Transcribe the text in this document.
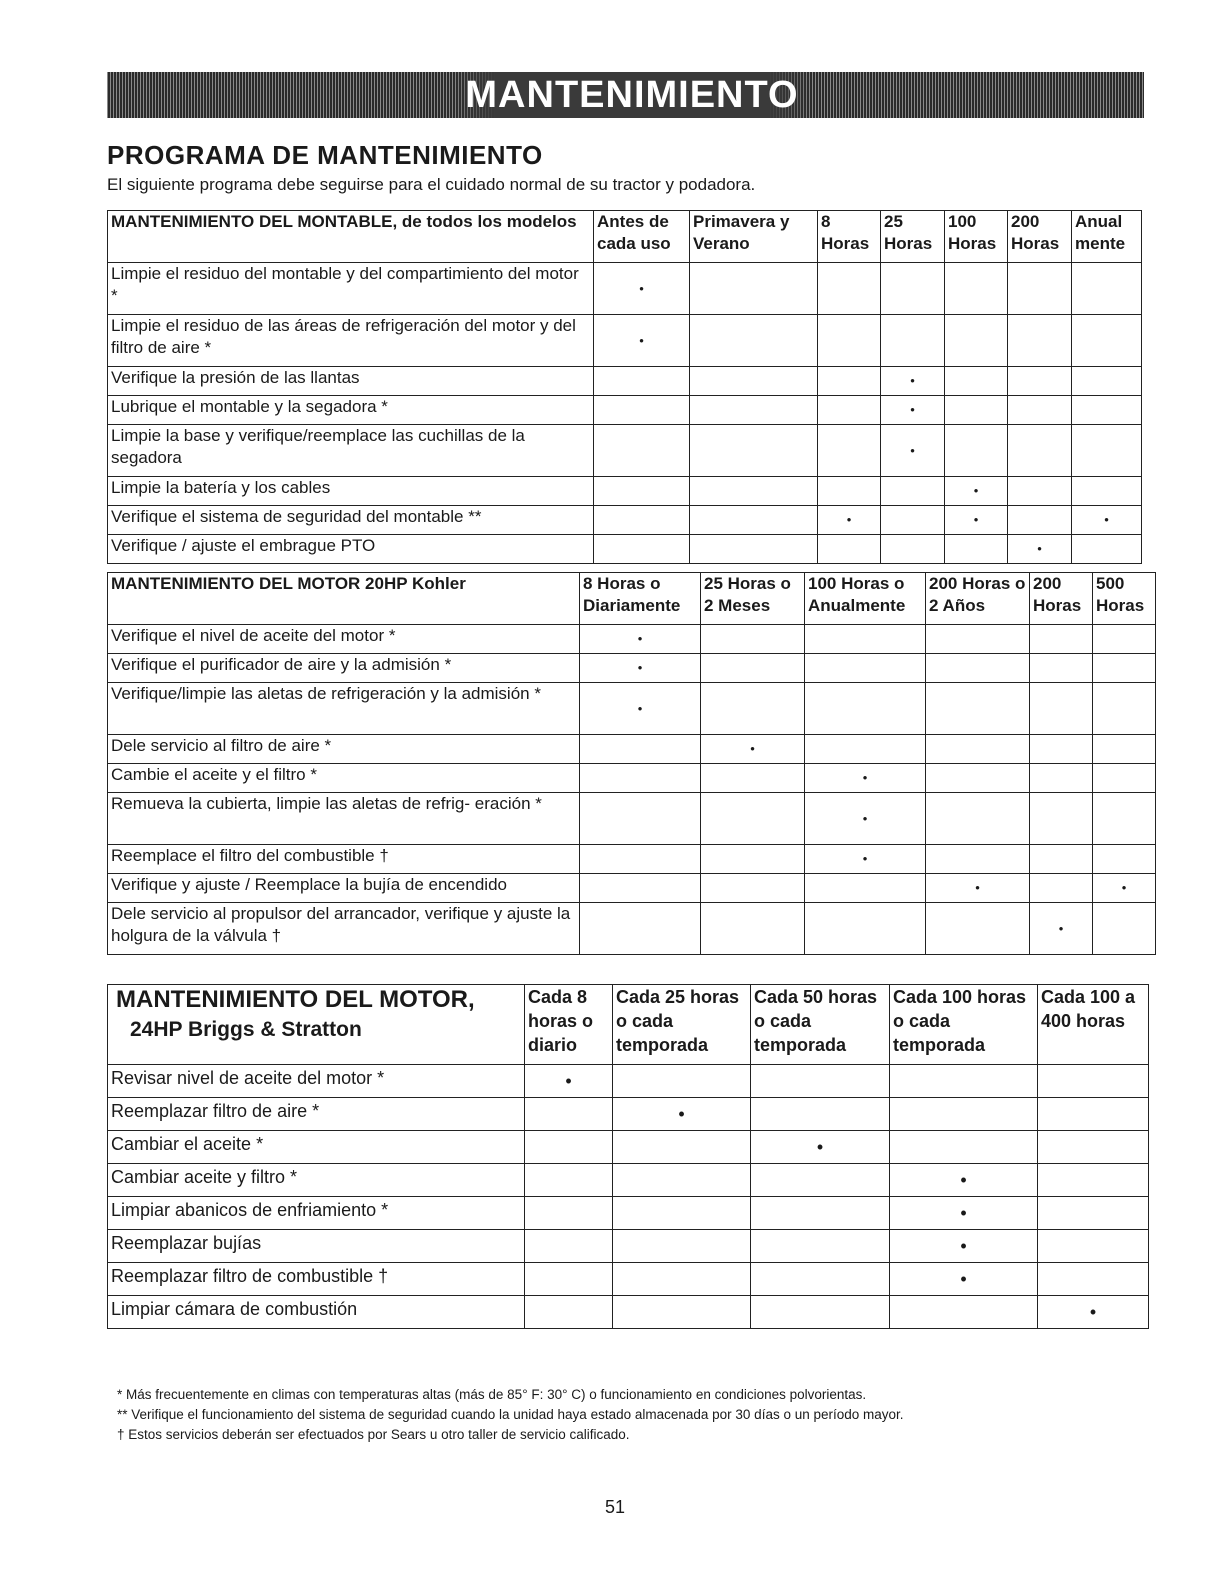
MANTENIMIENTO
PROGRAMA DE MANTENIMIENTO

El siguiente programa debe seguirse para el cuidado normal de su tractor y podadora.

MANTENIMIENTO DEL MONTABLE, de todos los modelos	Antes de cada uso	Primavera y Verano	8 Horas	25 Horas	100 Horas	200 Horas	Anual mente
Limpie el residuo del montable y del compartimiento del motor *	•						
Limpie el residuo de las áreas de refrigeración del motor y del filtro de aire *	•						
Verifique la presión de las llantas				•			
Lubrique el montable y la segadora *				•			
Limpie la base y verifique/reemplace las cuchillas de la segadora				•			
Limpie la batería y los cables					•		
Verifique el sistema de seguridad del montable **			•		•		•
Verifique / ajuste el embrague PTO						•	
MANTENIMIENTO DEL MOTOR 20HP Kohler	8 Horas o Diariamente	25 Horas o 2 Meses	100 Horas o Anualmente	200 Horas o 2 Años	200 Horas	500 Horas
Verifique el nivel de aceite del motor *	•					
Verifique el purificador de aire y la admisión *	•					
Verifique/limpie las aletas de refrigeración y la admisión *	•					
Dele servicio al filtro de aire *		•				
Cambie el aceite y el filtro *			•			
Remueva la cubierta, limpie las aletas de refrig- eración *			•			
Reemplace el filtro del combustible †			•			
Verifique y ajuste / Reemplace la bujía de encendido				•		•
Dele servicio al propulsor del arrancador, verifique y ajuste la holgura de la válvula †					•	
MANTENIMIENTO DEL MOTOR,
24HP Briggs & Stratton	Cada 8 horas o diario	Cada 25 horas o cada temporada	Cada 50 horas o cada temporada	Cada 100 horas o cada temporada	Cada 100 a 400 horas
Revisar nivel de aceite del motor *	•				
Reemplazar filtro de aire *		•			
Cambiar el aceite *			•		
Cambiar aceite y filtro *				•	
Limpiar abanicos de enfriamiento *				•	
Reemplazar bujías				•	
Reemplazar filtro de combustible †				•	
Limpiar cámara de combustión					•

* Más frecuentemente en climas con temperaturas altas (más de 85° F: 30° C) o funcionamiento en condiciones polvorientas.

** Verifique el funcionamiento del sistema de seguridad cuando la unidad haya estado almacenada por 30 días o un período mayor.

† Estos servicios deberán ser efectuados por Sears u otro taller de servicio calificado.

51
